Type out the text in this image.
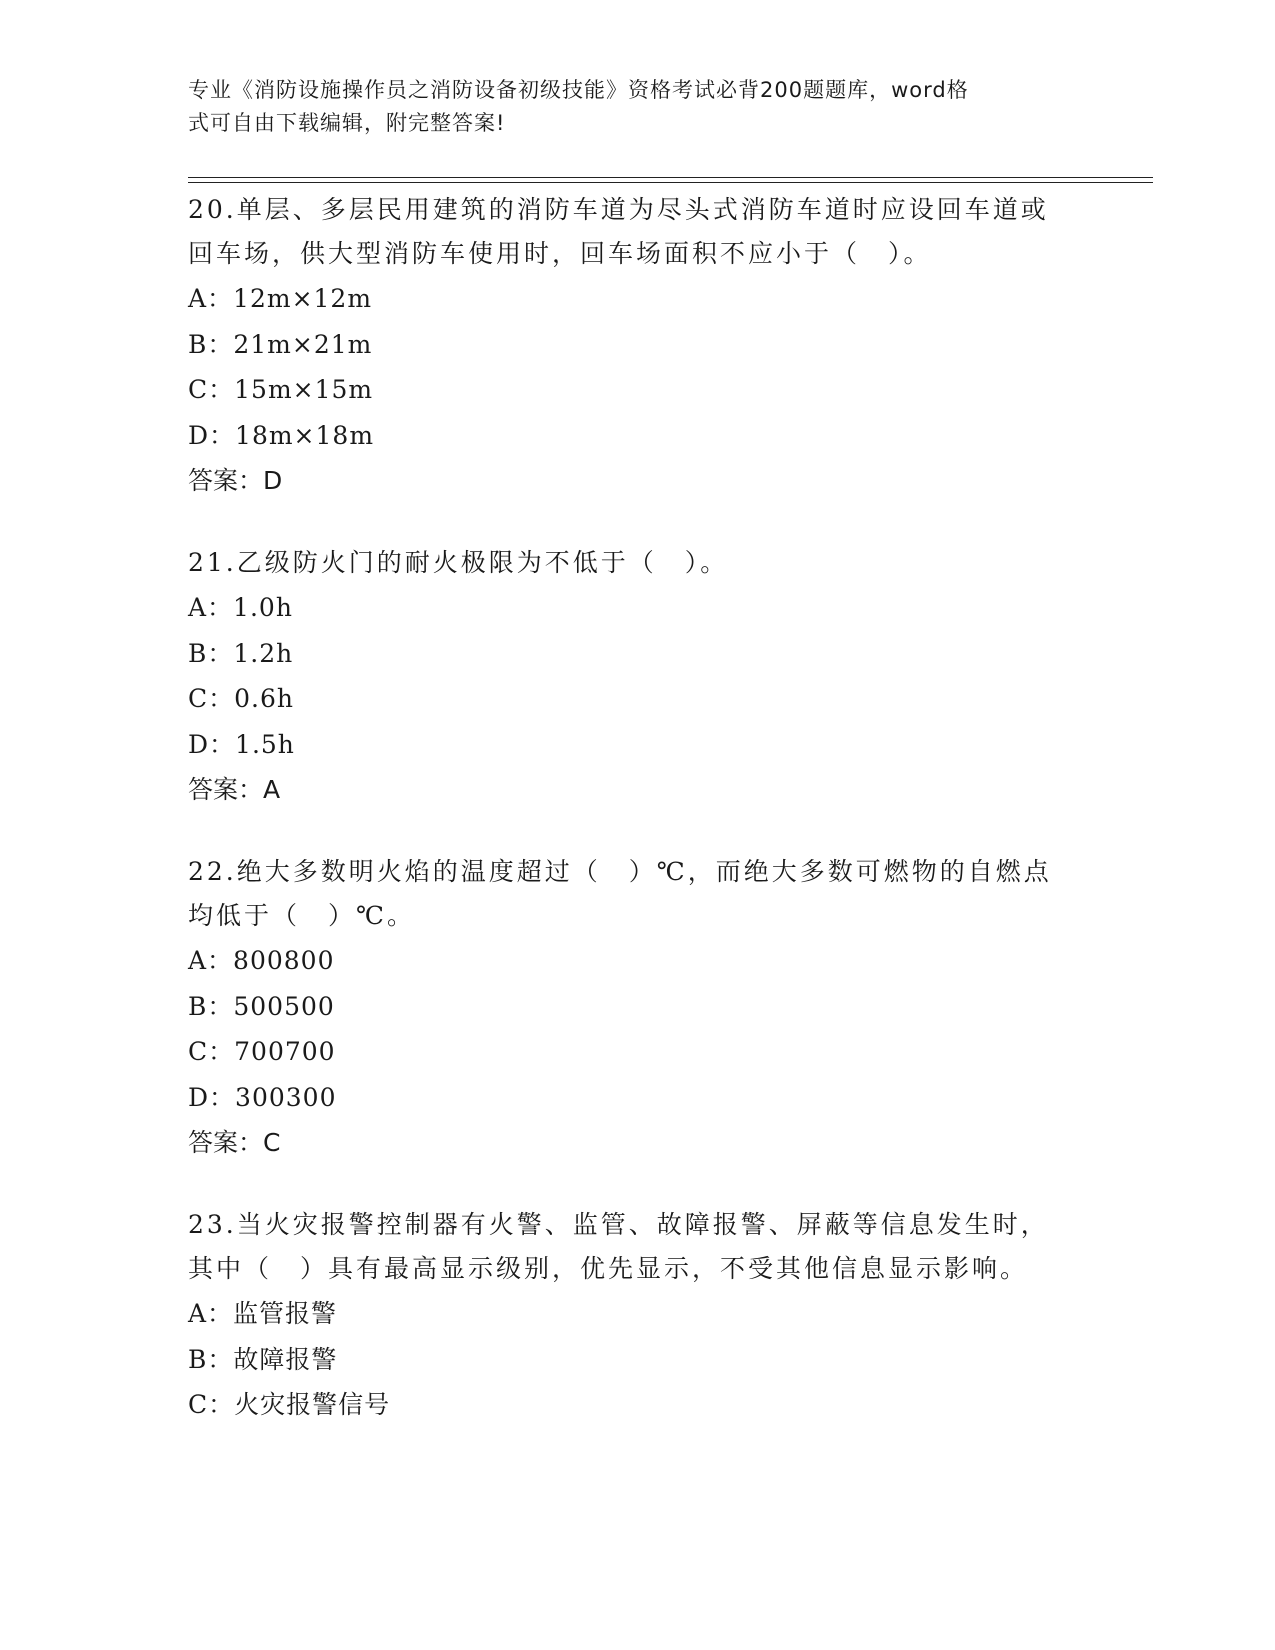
专业《消防设施操作员之消防设备初级技能》资格考试必背200题题库，word格
式可自由下载编辑，附完整答案!
20.单层、多层民用建筑的消防车道为尽头式消防车道时应设回车道或
回车场，供大型消防车使用时，回车场面积不应小于（　）。
A：12m×12m
B：21m×21m
C：15m×15m
D：18m×18m
答案：D
21.乙级防火门的耐火极限为不低于（　）。
A：1.0h
B：1.2h
C：0.6h
D：1.5h
答案：A
22.绝大多数明火焰的温度超过（　）℃，而绝大多数可燃物的自燃点
均低于（　）℃。
A：800800
B：500500
C：700700
D：300300
答案：C
23.当火灾报警控制器有火警、监管、故障报警、屏蔽等信息发生时，
其中（　）具有最高显示级别，优先显示，不受其他信息显示影响。
A：监管报警
B：故障报警
C：火灾报警信号
